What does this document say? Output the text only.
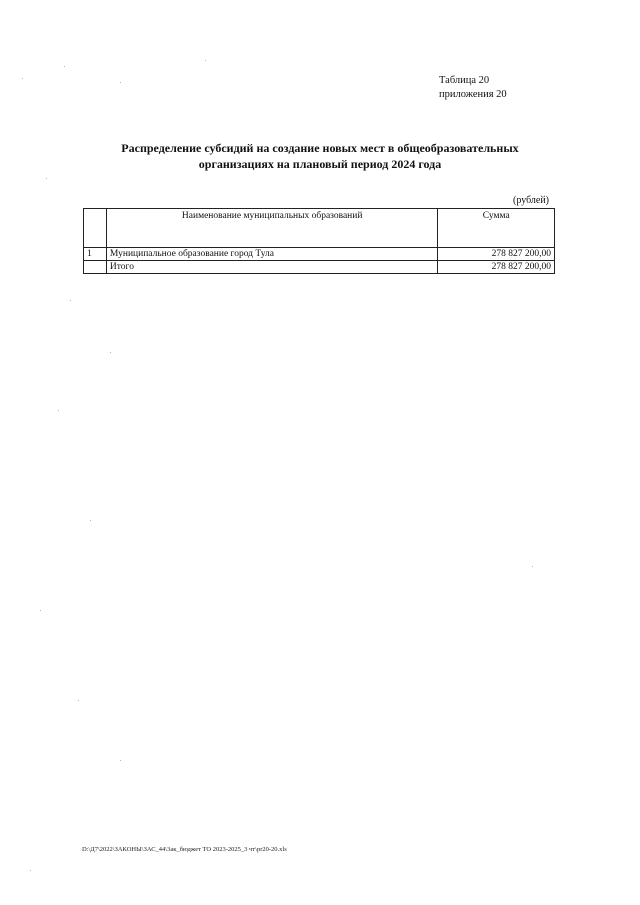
Таблица 20
приложения 20
Распределение субсидий на создание новых мест в общеобразовательных
организациях на плановый период 2024 года
(рублей)
	Наименование муниципальных образований	Сумма
1	Муниципальное образование город Тула	278 827 200,00
	Итого	278 827 200,00
D:\Д7\2022\ЗАКОНЫ\ЗАС_44\3ак_бюджет ТО 2023-2025_3 чт\pr20-20.xls
